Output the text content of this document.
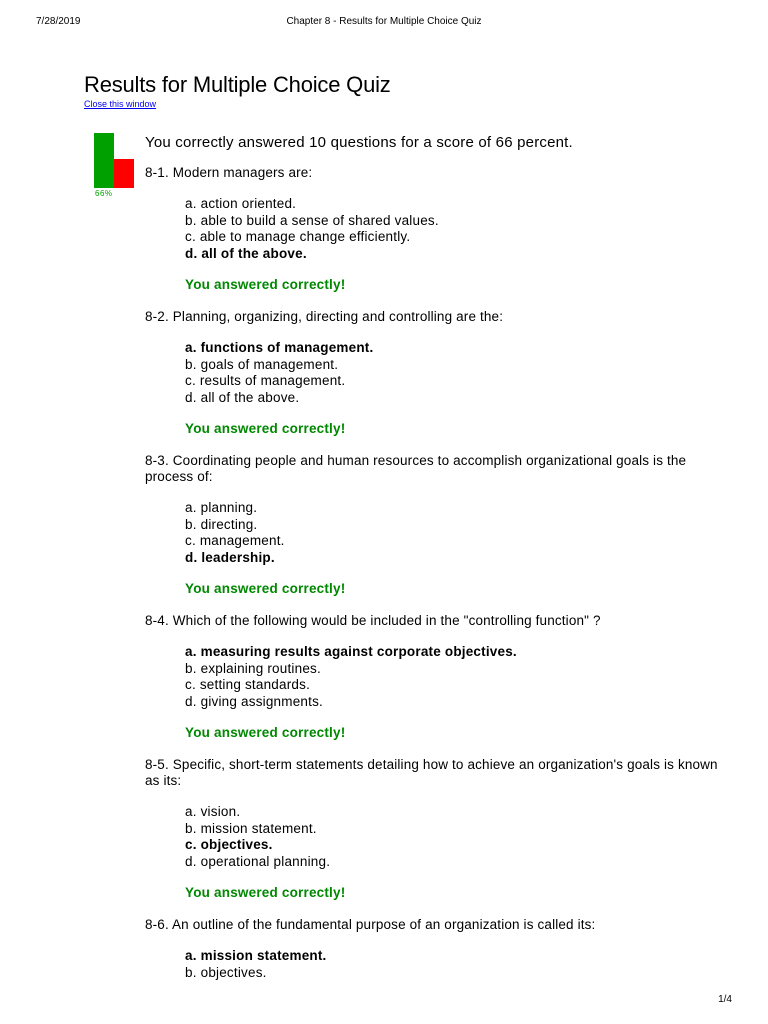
7/28/2019	Chapter 8 - Results for Multiple Choice Quiz
Results for Multiple Choice Quiz
Close this window
66%

You correctly answered 10 questions for a score of 66 percent.

8-1. Modern managers are:

a. action oriented.
b. able to build a sense of shared values.
c. able to manage change efficiently.
d. all of the above.

You answered correctly!

8-2. Planning, organizing, directing and controlling are the:

a. functions of management.
b. goals of management.
c. results of management.
d. all of the above.

You answered correctly!

8-3. Coordinating people and human resources to accomplish organizational goals is the process of:

a. planning.
b. directing.
c. management.
d. leadership.

You answered correctly!

8-4. Which of the following would be included in the "controlling function" ?

a. measuring results against corporate objectives.
b. explaining routines.
c. setting standards.
d. giving assignments.

You answered correctly!

8-5. Specific, short-term statements detailing how to achieve an organization's goals is known as its:

a. vision.
b. mission statement.
c. objectives.
d. operational planning.

You answered correctly!

8-6. An outline of the fundamental purpose of an organization is called its:

a. mission statement.
b. objectives.
1/4
